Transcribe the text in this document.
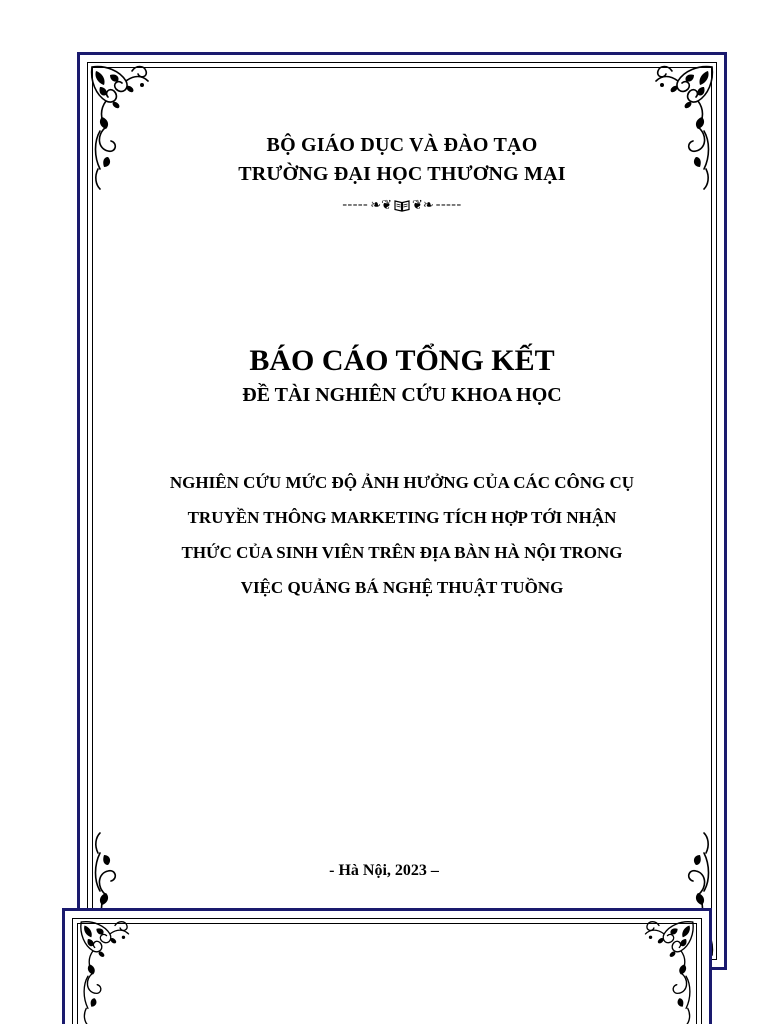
BỘ GIÁO DỤC VÀ ĐÀO TẠO
TRƯỜNG ĐẠI HỌC THƯƠNG MẠI
----- ❧❦ ❦❧ -----
BÁO CÁO TỔNG KẾT
ĐỀ TÀI NGHIÊN CỨU KHOA HỌC
NGHIÊN CỨU MỨC ĐỘ ẢNH HƯỞNG CỦA CÁC CÔNG CỤ
TRUYỀN THÔNG MARKETING TÍCH HỢP TỚI NHẬN
THỨC CỦA SINH VIÊN TRÊN ĐỊA BÀN HÀ NỘI TRONG
VIỆC QUẢNG BÁ NGHỆ THUẬT TUỒNG
- Hà Nội, 2023 –
